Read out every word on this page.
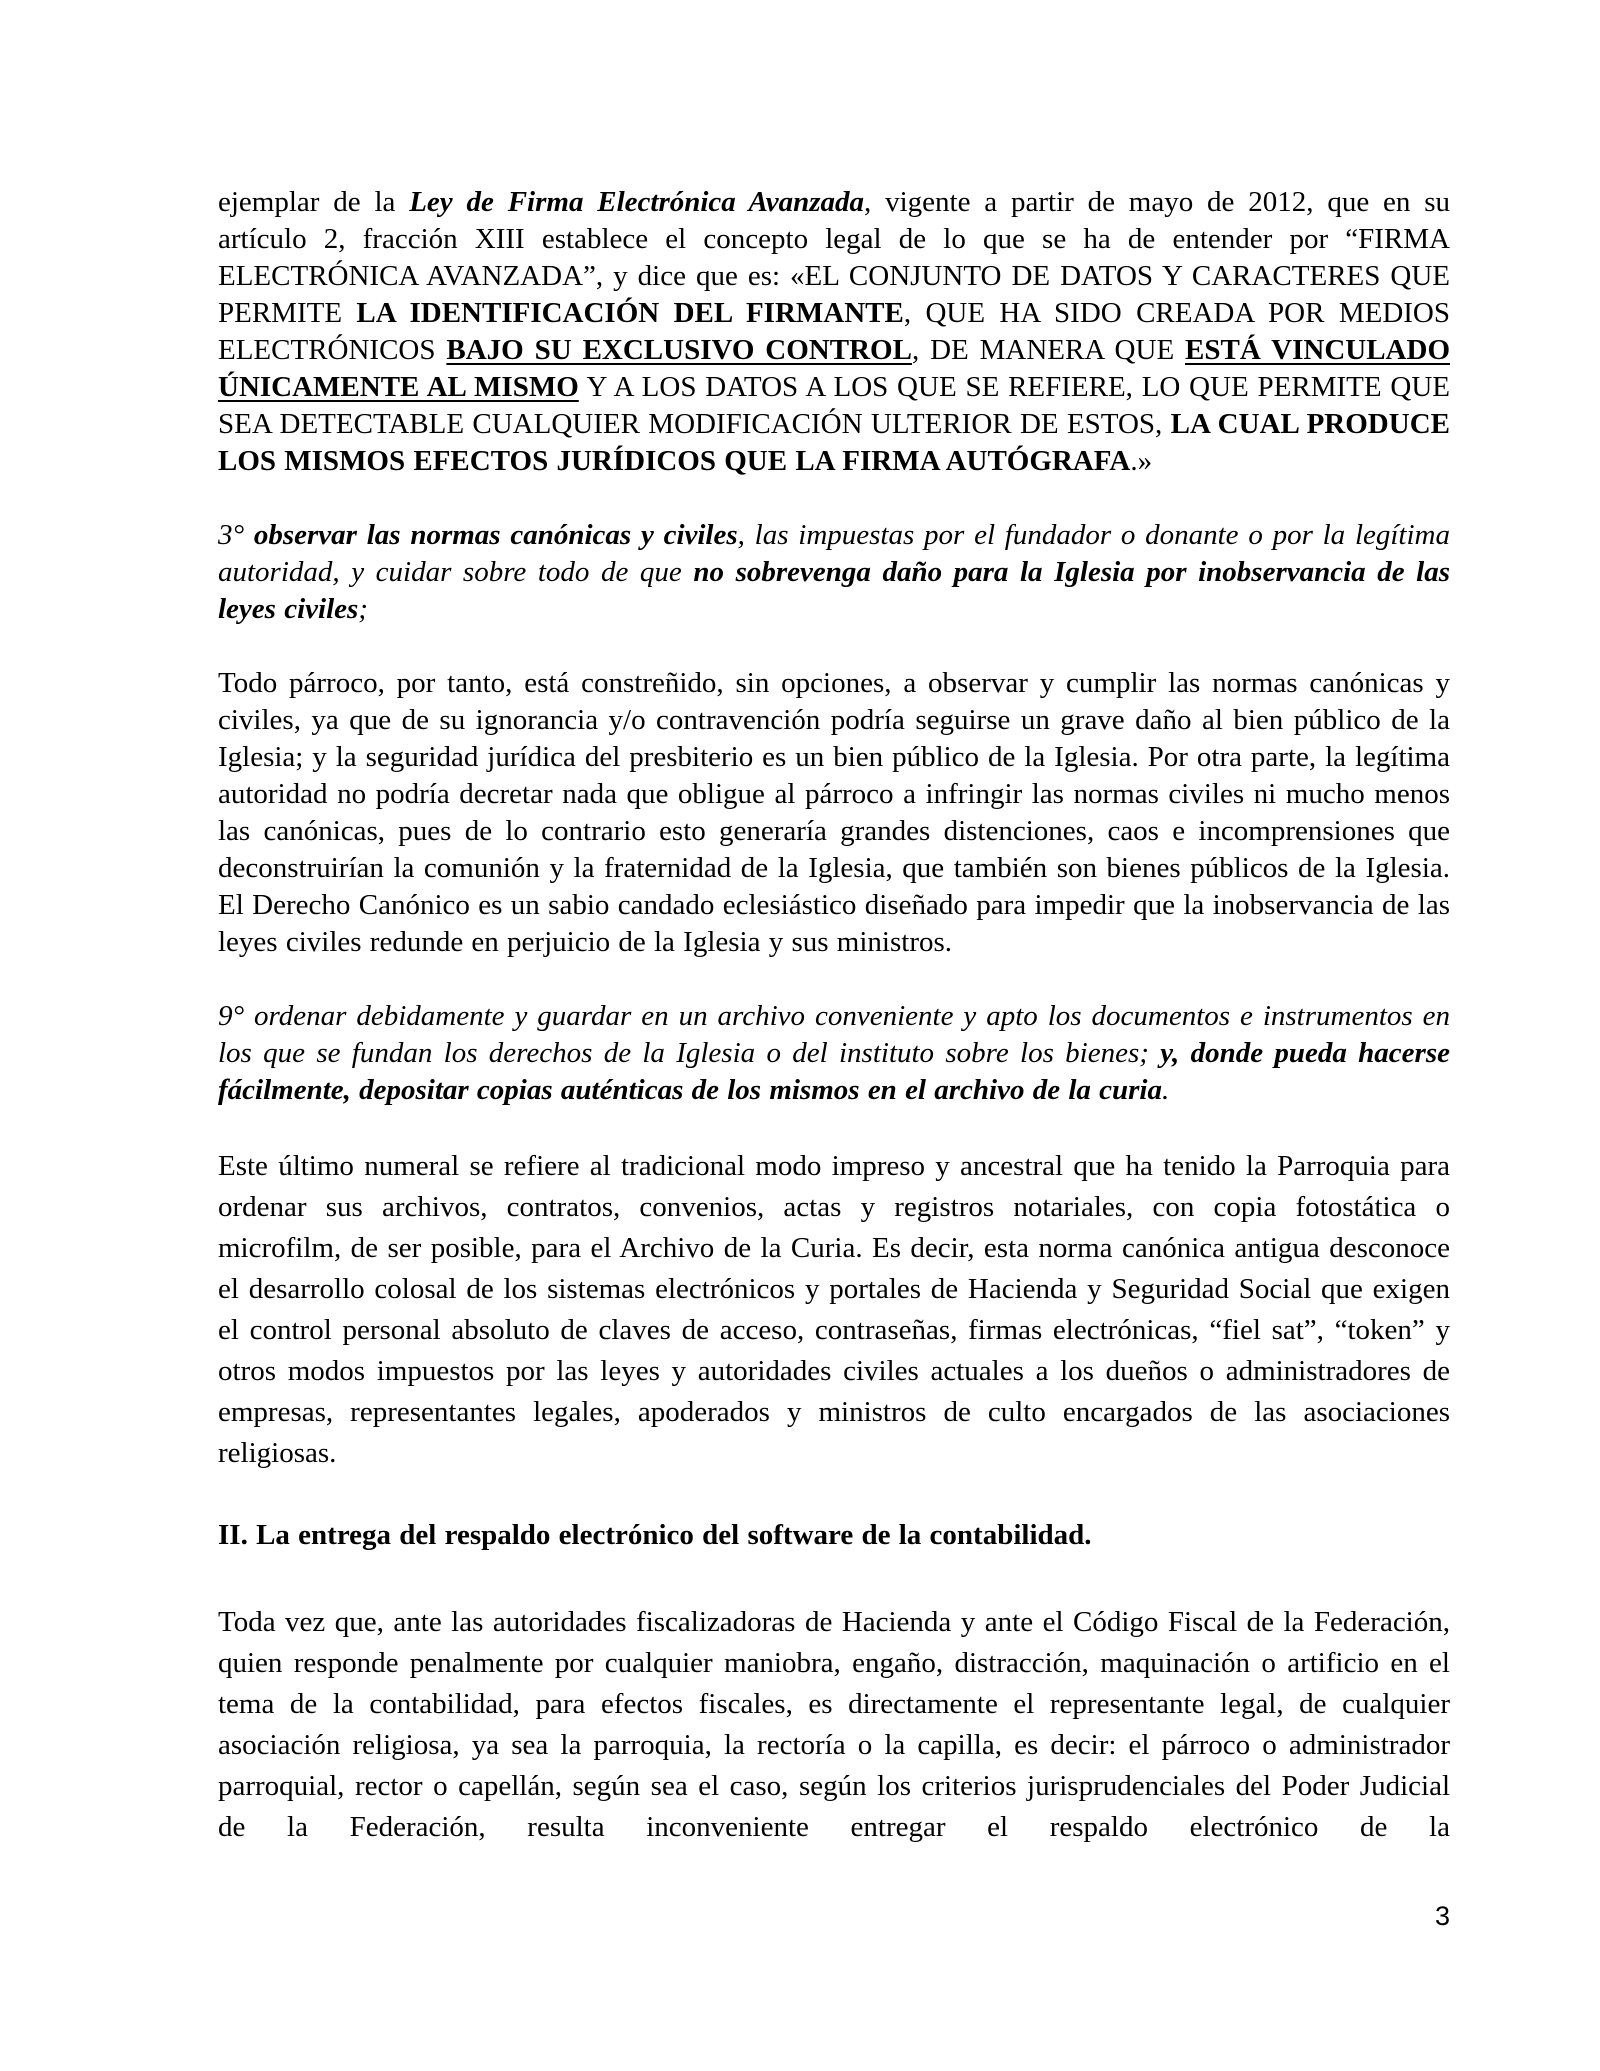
ejemplar de la Ley de Firma Electrónica Avanzada, vigente a partir de mayo de 2012, que en su artículo 2, fracción XIII establece el concepto legal de lo que se ha de entender por “FIRMA ELECTRÓNICA AVANZADA”, y dice que es: «EL CONJUNTO DE DATOS Y CARACTERES QUE PERMITE LA IDENTIFICACIÓN DEL FIRMANTE, QUE HA SIDO CREADA POR MEDIOS ELECTRÓNICOS BAJO SU EXCLUSIVO CONTROL, DE MANERA QUE ESTÁ VINCULADO ÚNICAMENTE AL MISMO Y A LOS DATOS A LOS QUE SE REFIERE, LO QUE PERMITE QUE SEA DETECTABLE CUALQUIER MODIFICACIÓN ULTERIOR DE ESTOS, LA CUAL PRODUCE LOS MISMOS EFECTOS JURÍDICOS QUE LA FIRMA AUTÓGRAFA.»

3° observar las normas canónicas y civiles, las impuestas por el fundador o donante o por la legítima autoridad, y cuidar sobre todo de que no sobrevenga daño para la Iglesia por inobservancia de las leyes civiles;

Todo párroco, por tanto, está constreñido, sin opciones, a observar y cumplir las normas canónicas y civiles, ya que de su ignorancia y/o contravención podría seguirse un grave daño al bien público de la Iglesia; y la seguridad jurídica del presbiterio es un bien público de la Iglesia. Por otra parte, la legítima autoridad no podría decretar nada que obligue al párroco a infringir las normas civiles ni mucho menos las canónicas, pues de lo contrario esto generaría grandes distenciones, caos e incomprensiones que deconstruirían la comunión y la fraternidad de la Iglesia, que también son bienes públicos de la Iglesia. El Derecho Canónico es un sabio candado eclesiástico diseñado para impedir que la inobservancia de las leyes civiles redunde en perjuicio de la Iglesia y sus ministros.

9° ordenar debidamente y guardar en un archivo conveniente y apto los documentos e instrumentos en los que se fundan los derechos de la Iglesia o del instituto sobre los bienes; y, donde pueda hacerse fácilmente, depositar copias auténticas de los mismos en el archivo de la curia.

Este último numeral se refiere al tradicional modo impreso y ancestral que ha tenido la Parroquia para ordenar sus archivos, contratos, convenios, actas y registros notariales, con copia fotostática o microfilm, de ser posible, para el Archivo de la Curia. Es decir, esta norma canónica antigua desconoce el desarrollo colosal de los sistemas electrónicos y portales de Hacienda y Seguridad Social que exigen el control personal absoluto de claves de acceso, contraseñas, firmas electrónicas, “fiel sat”, “token” y otros modos impuestos por las leyes y autoridades civiles actuales a los dueños o administradores de empresas, representantes legales, apoderados y ministros de culto encargados de las asociaciones religiosas.

II. La entrega del respaldo electrónico del software de la contabilidad.

Toda vez que, ante las autoridades fiscalizadoras de Hacienda y ante el Código Fiscal de la Federación, quien responde penalmente por cualquier maniobra, engaño, distracción, maquinación o artificio en el tema de la contabilidad, para efectos fiscales, es directamente el representante legal, de cualquier asociación religiosa, ya sea la parroquia, la rectoría o la capilla, es decir: el párroco o administrador parroquial, rector o capellán, según sea el caso, según los criterios jurisprudenciales del Poder Judicial de la Federación, resulta inconveniente entregar el respaldo electrónico de la

3
